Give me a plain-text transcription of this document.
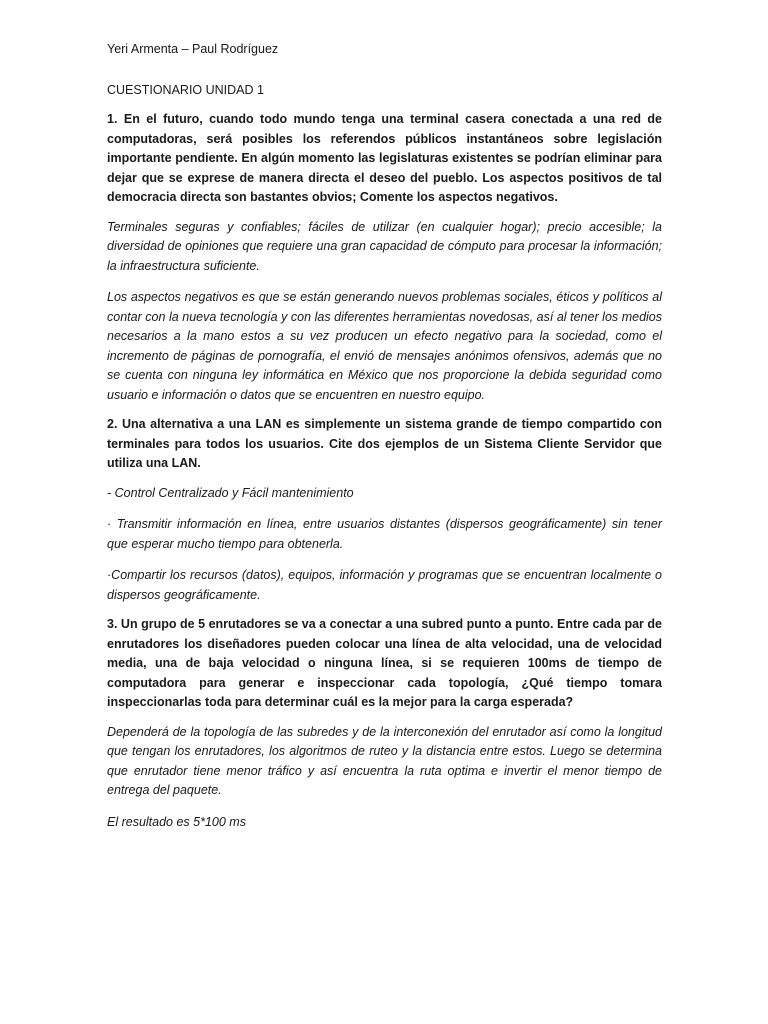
Yeri Armenta – Paul Rodríguez
CUESTIONARIO UNIDAD 1

1. En el futuro, cuando todo mundo tenga una terminal casera conectada a una red de computadoras, será posibles los referendos públicos instantáneos sobre legislación importante pendiente. En algún momento las legislaturas existentes se podrían eliminar para dejar que se exprese de manera directa el deseo del pueblo. Los aspectos positivos de tal democracia directa son bastantes obvios; Comente los aspectos negativos.

Terminales seguras y confiables; fáciles de utilizar (en cualquier hogar); precio accesible; la diversidad de opiniones que requiere una gran capacidad de cómputo para procesar la información; la infraestructura suficiente.

Los aspectos negativos es que se están generando nuevos problemas sociales, éticos y políticos al contar con la nueva tecnología y con las diferentes herramientas novedosas, así al tener los medios necesarios a la mano estos a su vez producen un efecto negativo para la sociedad, como el incremento de páginas de pornografía, el envió de mensajes anónimos ofensivos, además que no se cuenta con ninguna ley informática en México que nos proporcione la debida seguridad como usuario e información o datos que se encuentren en nuestro equipo.

2. Una alternativa a una LAN es simplemente un sistema grande de tiempo compartido con terminales para todos los usuarios. Cite dos ejemplos de un Sistema Cliente Servidor que utiliza una LAN.

- Control Centralizado y Fácil mantenimiento

· Transmitir información en línea, entre usuarios distantes (dispersos geográficamente) sin tener que esperar mucho tiempo para obtenerla.

·Compartir los recursos (datos), equipos, información y programas que se encuentran localmente o dispersos geográficamente.

3. Un grupo de 5 enrutadores se va a conectar a una subred punto a punto. Entre cada par de enrutadores los diseñadores pueden colocar una línea de alta velocidad, una de velocidad media, una de baja velocidad o ninguna línea, si se requieren 100ms de tiempo de computadora para generar e inspeccionar cada topología, ¿Qué tiempo tomara inspeccionarlas toda para determinar cuál es la mejor para la carga esperada?

Dependerá de la topología de las subredes y de la interconexión del enrutador así como la longitud que tengan los enrutadores, los algoritmos de ruteo y la distancia entre estos. Luego se determina que enrutador tiene menor tráfico y así encuentra la ruta optima e invertir el menor tiempo de entrega del paquete.

El resultado es 5*100 ms
